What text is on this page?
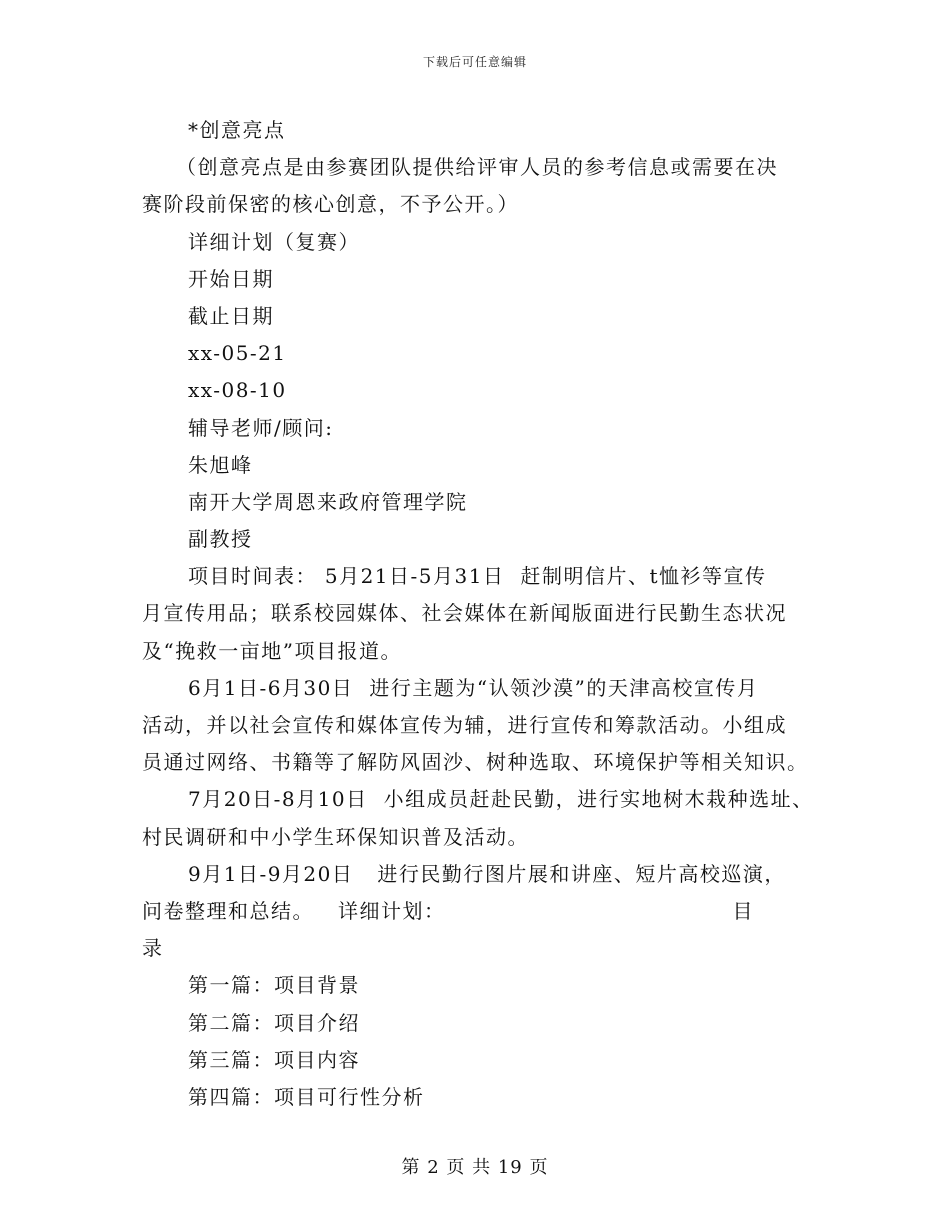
下载后可任意编辑
*创意亮点
（创意亮点是由参赛团队提供给评审人员的参考信息或需要在决
赛阶段前保密的核心创意，不予公开。）
详细计划（复赛）
开始日期
截止日期
xx-05-21
xx-08-10
辅导老师/顾问:
朱旭峰
南开大学周恩来政府管理学院
副教授
项目时间表： 5月21日-5月31日 赶制明信片、t恤衫等宣传
月宣传用品；联系校园媒体、社会媒体在新闻版面进行民勤生态状况
及“挽救一亩地”项目报道。
6月1日-6月30日 进行主题为“认领沙漠”的天津高校宣传月
活动，并以社会宣传和媒体宣传为辅，进行宣传和筹款活动。小组成
员通过网络、书籍等了解防风固沙、树种选取、环境保护等相关知识。
7月20日-8月10日 小组成员赶赴民勤，进行实地树木栽种选址、
村民调研和中小学生环保知识普及活动。
9月1日-9月20日 进行民勤行图片展和讲座、短片高校巡演，
问卷整理和总结。 详细计划：	目
录
第一篇：项目背景
第二篇：项目介绍
第三篇：项目内容
第四篇：项目可行性分析
第 2 页 共 19 页
